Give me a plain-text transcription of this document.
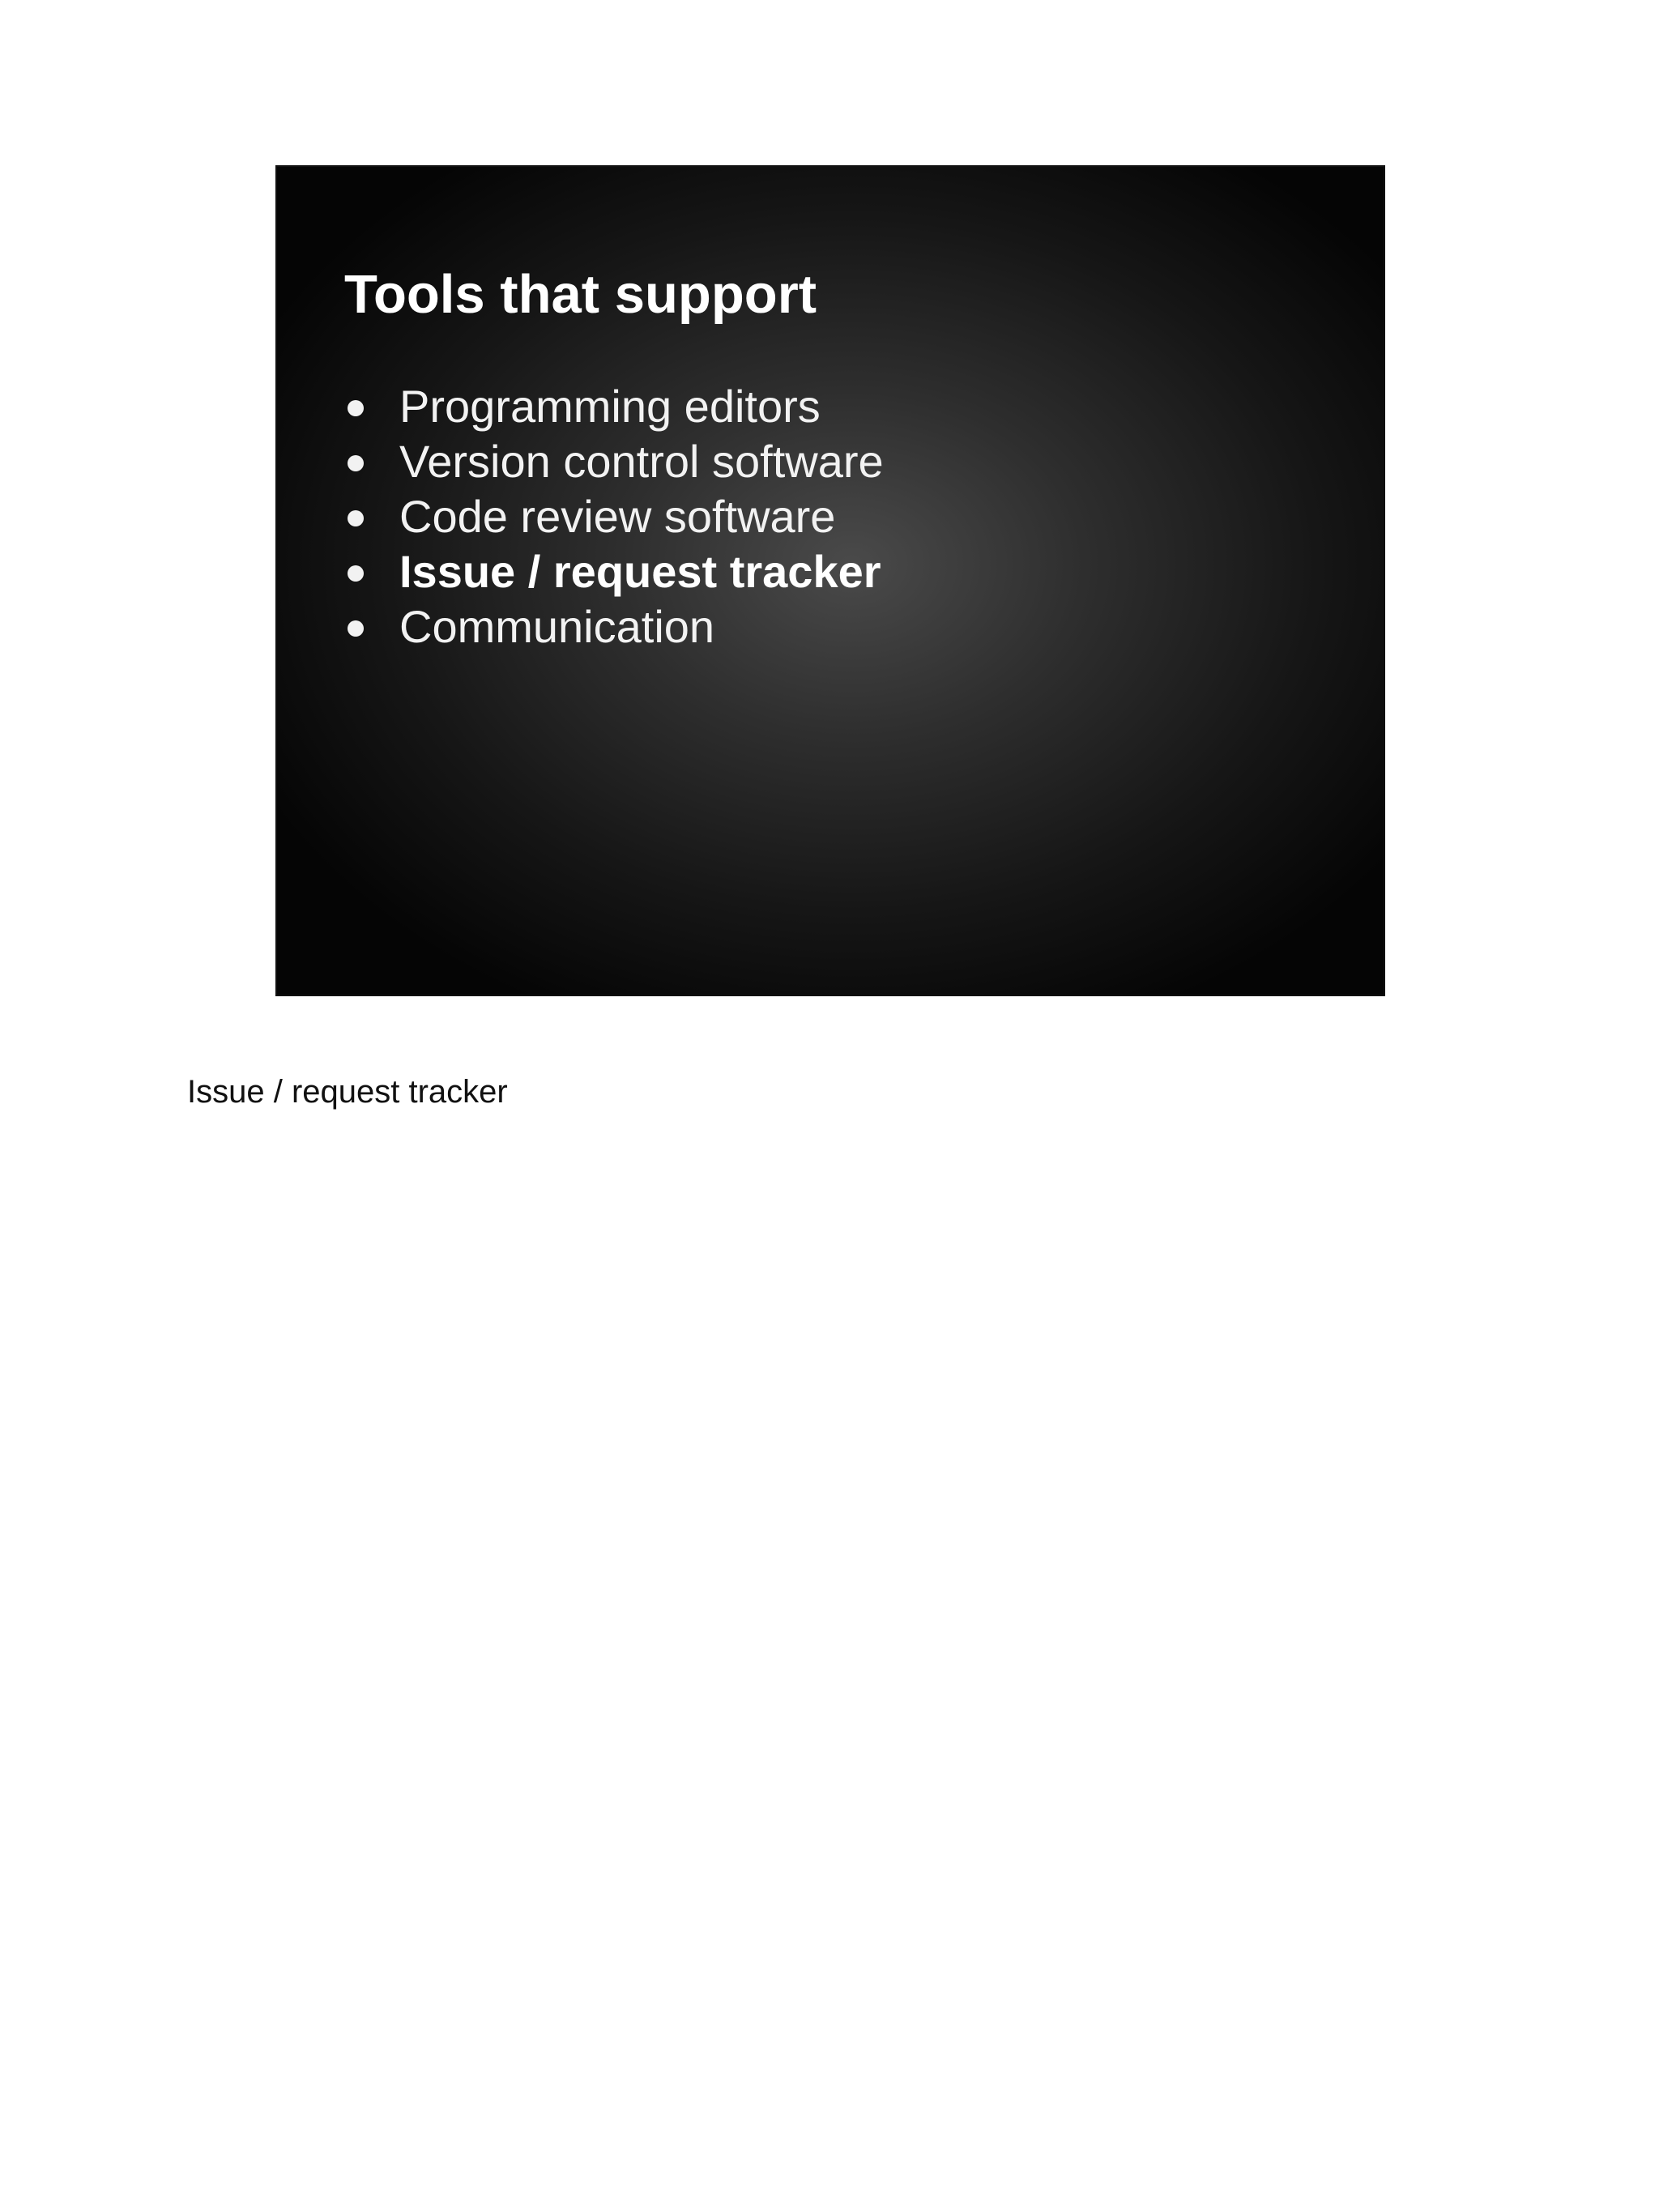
Tools that support
Programming editors
Version control software
Code review software
Issue / request tracker
Communication

Issue / request tracker
